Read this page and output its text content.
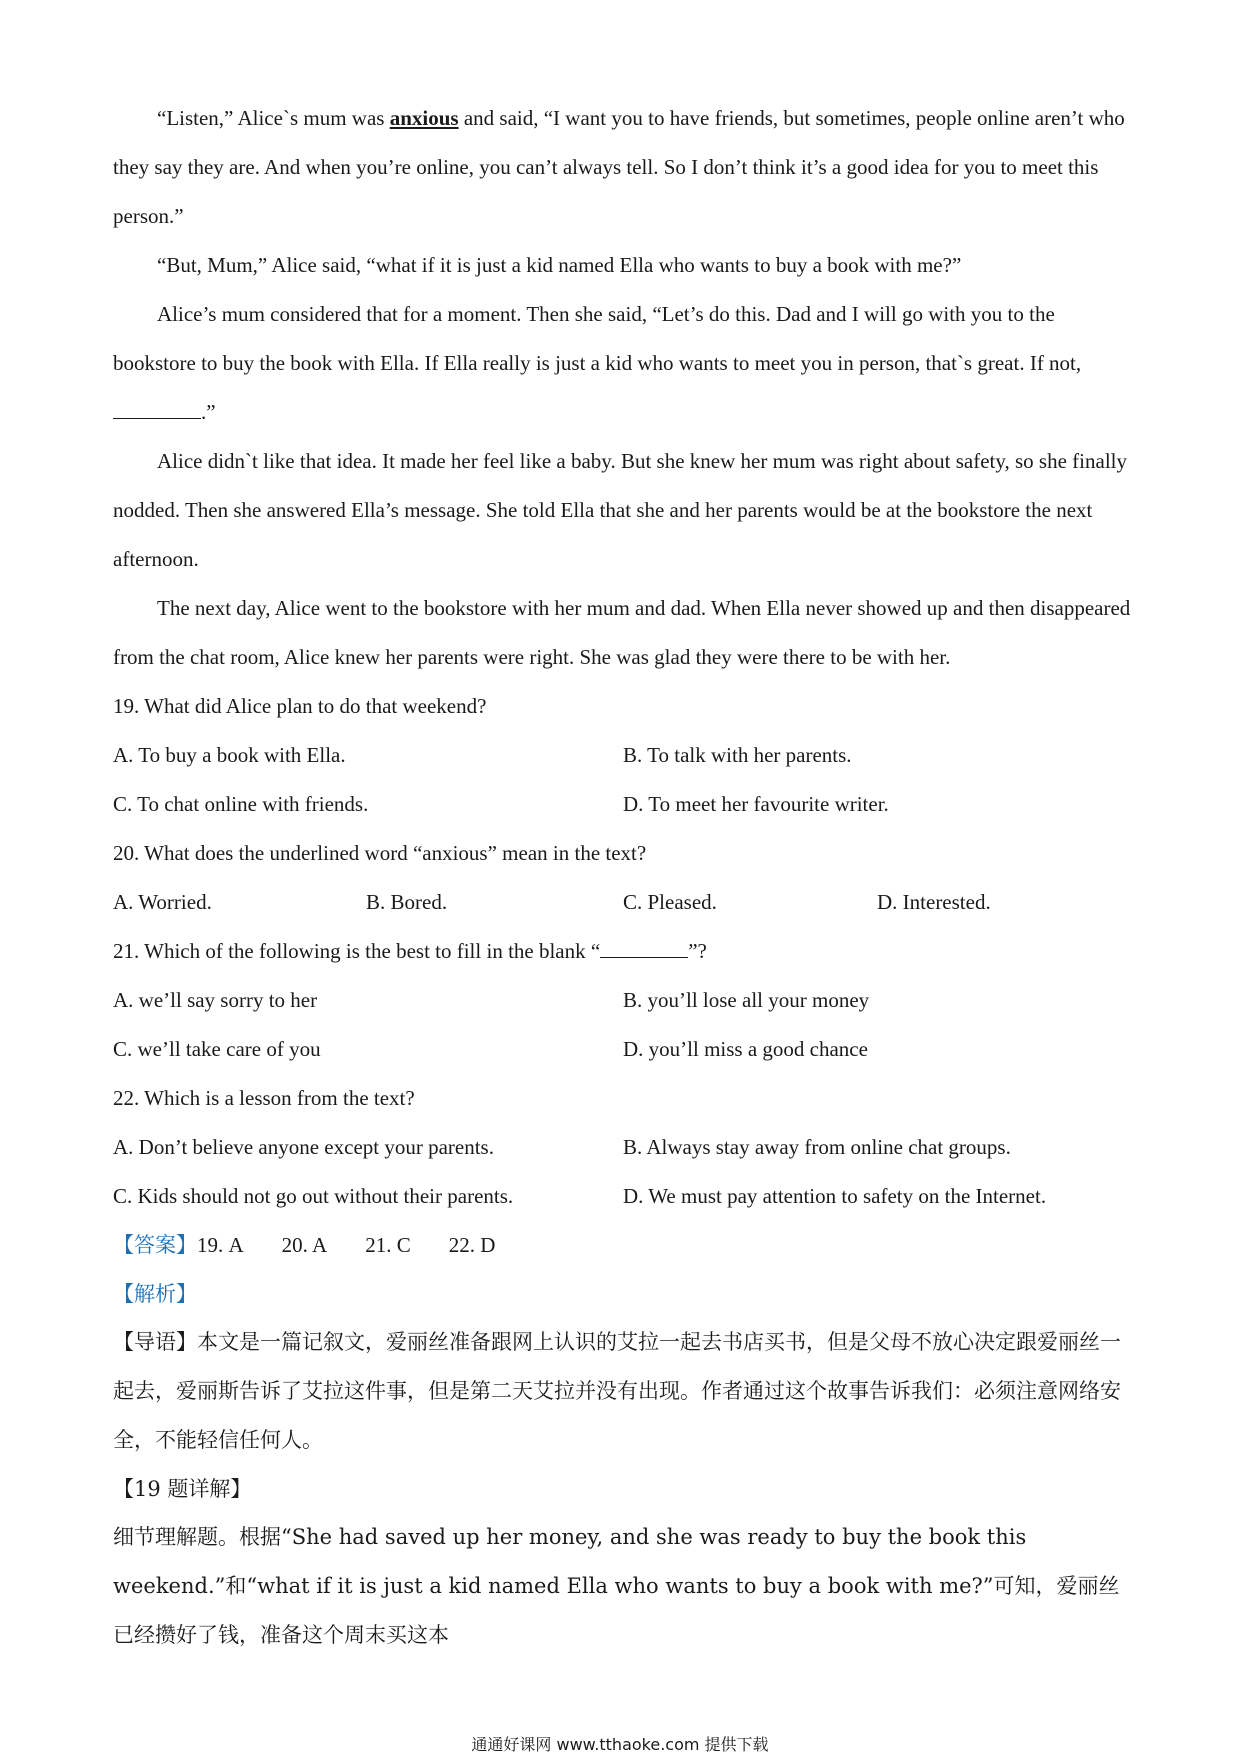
“Listen,” Alice`s mum was anxious and said, “I want you to have friends, but sometimes, people online aren’t who they say they are. And when you’re online, you can’t always tell. So I don’t think it’s a good idea for you to meet this person.”

“But, Mum,” Alice said, “what if it is just a kid named Ella who wants to buy a book with me?”

Alice’s mum considered that for a moment. Then she said, “Let’s do this. Dad and I will go with you to the bookstore to buy the book with Ella. If Ella really is just a kid who wants to meet you in person, that`s great. If not,
.”

Alice didn`t like that idea. It made her feel like a baby. But she knew her mum was right about safety, so she finally nodded. Then she answered Ella’s message. She told Ella that she and her parents would be at the bookstore the next afternoon.

The next day, Alice went to the bookstore with her mum and dad. When Ella never showed up and then disappeared from the chat room, Alice knew her parents were right. She was glad they were there to be with her.

19. What did Alice plan to do that weekend?
A. To buy a book with Ella.	B. To talk with her parents.
C. To chat online with friends.	D. To meet her favourite writer.
20. What does the underlined word “anxious” mean in the text?
A. Worried.	B. Bored.	C. Pleased.	D. Interested.
21. Which of the following is the best to fill in the blank “	”?
A. we’ll say sorry to her	B. you’ll lose all your money
C. we’ll take care of you	D. you’ll miss a good chance
22. Which is a lesson from the text?
A. Don’t believe anyone except your parents.	B. Always stay away from online chat groups.
C. Kids should not go out without their parents.	D. We must pay attention to safety on the Internet.
【答案】19. A 20. A 21. C 22. D
【解析】

【导语】本文是一篇记叙文，爱丽丝准备跟网上认识的艾拉一起去书店买书，但是父母不放心决定跟爱丽丝一起去，爱丽斯告诉了艾拉这件事，但是第二天艾拉并没有出现。作者通过这个故事告诉我们：必须注意网络安全，不能轻信任何人。

【19 题详解】

细节理解题。根据“She had saved up her money, and she was ready to buy the book this weekend.”和“what if it is just a kid named Ella who wants to buy a book with me?”可知，爱丽丝已经攒好了钱，准备这个周末买这本

通通好课网 www.tthaoke.com 提供下载
